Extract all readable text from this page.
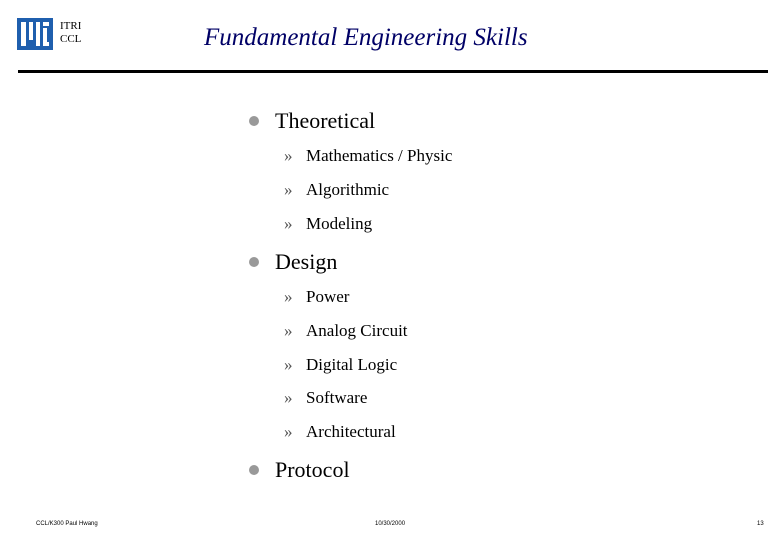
ITRI
CCL	Fundamental Engineering Skills
Theoretical
» Mathematics / Physic
» Algorithmic
» Modeling
Design
» Power
» Analog Circuit
» Digital Logic
» Software
» Architectural
Protocol
CCL/K300 Paul Hwang	10/30/2000	13
